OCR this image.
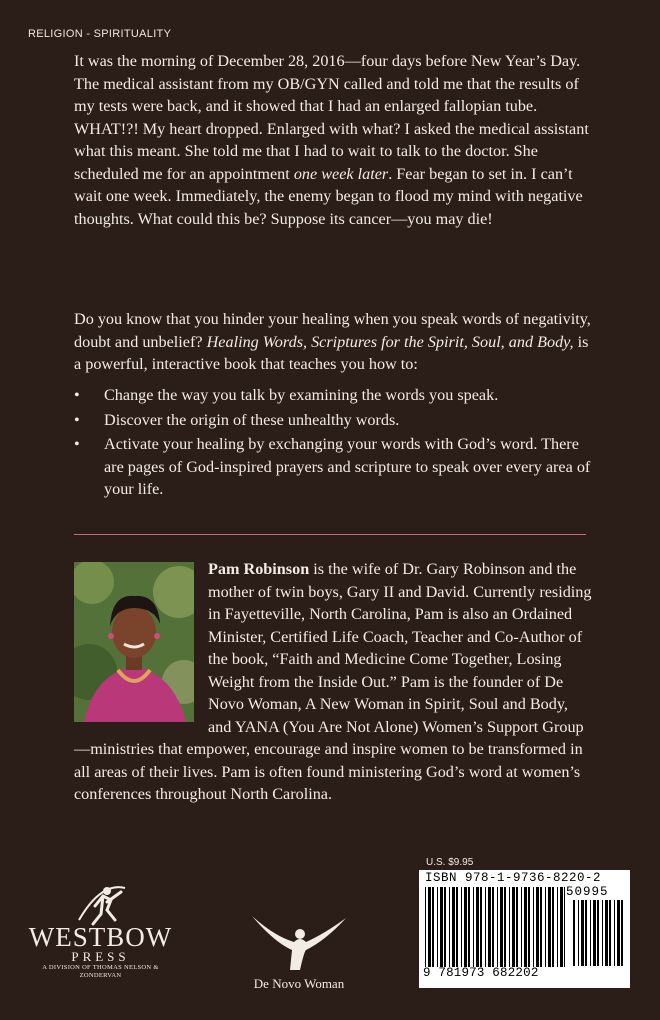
RELIGION - SPIRITUALITY
It was the morning of December 28, 2016—four days before New Year’s Day. The medical assistant from my OB/GYN called and told me that the results of my tests were back, and it showed that I had an enlarged fallopian tube. WHAT!?! My heart dropped. Enlarged with what? I asked the medical assistant what this meant. She told me that I had to wait to talk to the doctor. She scheduled me for an appointment one week later. Fear began to set in. I can’t wait one week. Immediately, the enemy began to flood my mind with negative thoughts. What could this be? Suppose its cancer—you may die!
Do you know that you hinder your healing when you speak words of negativity, doubt and unbelief? Healing Words, Scriptures for the Spirit, Soul, and Body, is a powerful, interactive book that teaches you how to:
• Change the way you talk by examining the words you speak.
• Discover the origin of these unhealthy words.
• Activate your healing by exchanging your words with God’s word. There are pages of God-inspired prayers and scripture to speak over every area of your life.
Pam Robinson is the wife of Dr. Gary Robinson and the mother of twin boys, Gary II and David. Currently residing in Fayetteville, North Carolina, Pam is also an Ordained Minister, Certified Life Coach, Teacher and Co-Author of the book, “Faith and Medicine Come Together, Losing Weight from the Inside Out.” Pam is the founder of De Novo Woman, A New Woman in Spirit, Soul and Body, and YANA (You Are Not Alone) Women’s Support Group—ministries that empower, encourage and inspire women to be transformed in all areas of their lives. Pam is often found ministering God’s word at women’s conferences throughout North Carolina.
U.S. $9.95
ISBN 978-1-9736-8220-2
50995
9 781973 682202
WESTBOW
PRESS
A DIVISION OF THOMAS NELSON & ZONDERVAN
De Novo Woman
